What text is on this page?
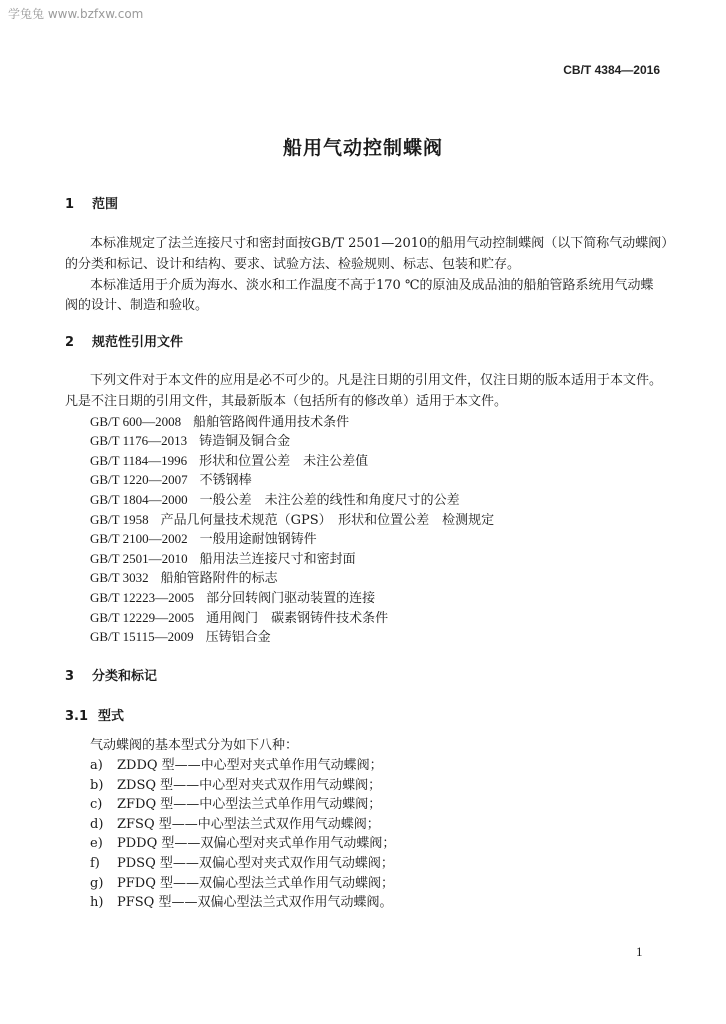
学兔兔 www.bzfxw.com
CB/T 4384—2016
船用气动控制蝶阀
1 范围
本标准规定了法兰连接尺寸和密封面按GB/T 2501—2010的船用气动控制蝶阀（以下简称气动蝶阀）
的分类和标记、设计和结构、要求、试验方法、检验规则、标志、包装和贮存。
本标准适用于介质为海水、淡水和工作温度不高于170 ℃的原油及成品油的船舶管路系统用气动蝶
阀的设计、制造和验收。
2 规范性引用文件
下列文件对于本文件的应用是必不可少的。凡是注日期的引用文件，仅注日期的版本适用于本文件。
凡是不注日期的引用文件，其最新版本（包括所有的修改单）适用于本文件。
GB/T 600—2008 船舶管路阀件通用技术条件
GB/T 1176—2013 铸造铜及铜合金
GB/T 1184—1996 形状和位置公差　未注公差值
GB/T 1220—2007 不锈钢棒
GB/T 1804—2000 一般公差　未注公差的线性和角度尺寸的公差
GB/T 1958 产品几何量技术规范（GPS）　形状和位置公差　检测规定
GB/T 2100—2002 一般用途耐蚀钢铸件
GB/T 2501—2010 船用法兰连接尺寸和密封面
GB/T 3032 船舶管路附件的标志
GB/T 12223—2005 部分回转阀门驱动装置的连接
GB/T 12229—2005 通用阀门　碳素钢铸件技术条件
GB/T 15115—2009 压铸铝合金
3 分类和标记
3.1 型式
气动蝶阀的基本型式分为如下八种：
a) ZDDQ 型——中心型对夹式单作用气动蝶阀；
b) ZDSQ 型——中心型对夹式双作用气动蝶阀；
c) ZFDQ 型——中心型法兰式单作用气动蝶阀；
d) ZFSQ 型——中心型法兰式双作用气动蝶阀；
e) PDDQ 型——双偏心型对夹式单作用气动蝶阀；
f) PDSQ 型——双偏心型对夹式双作用气动蝶阀；
g) PFDQ 型——双偏心型法兰式单作用气动蝶阀；
h) PFSQ 型——双偏心型法兰式双作用气动蝶阀。
1
